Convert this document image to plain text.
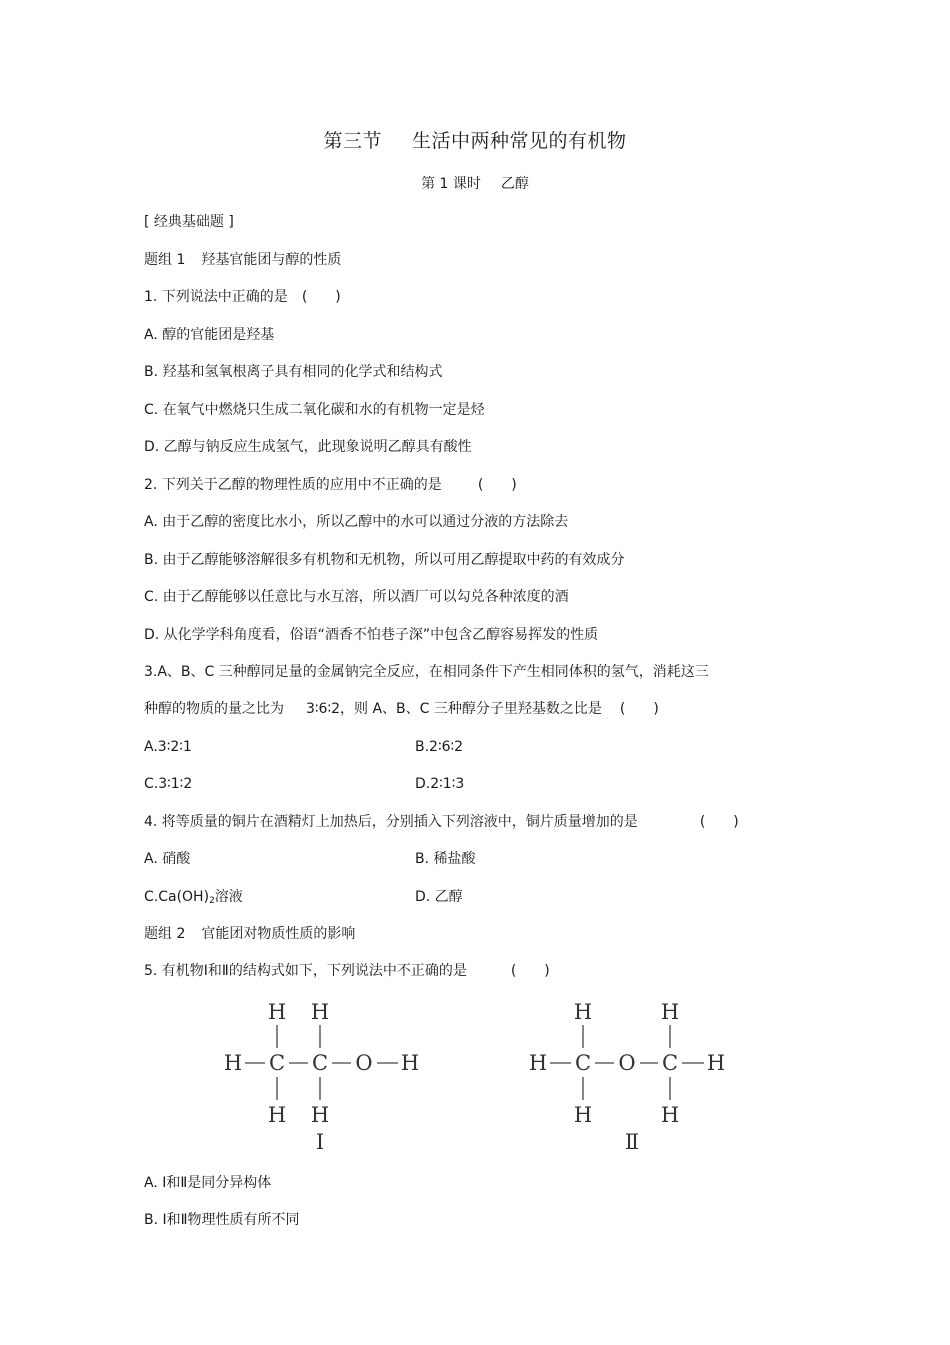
第三节 生活中两种常见的有机物
第 1 课时 乙醇
[ 经典基础题 ]
题组 1 羟基官能团与醇的性质
1. 下列说法中正确的是 (　　)
A. 醇的官能团是羟基
B. 羟基和氢氧根离子具有相同的化学式和结构式
C. 在氧气中燃烧只生成二氧化碳和水的有机物一定是烃
D. 乙醇与钠反应生成氢气，此现象说明乙醇具有酸性
2. 下列关于乙醇的物理性质的应用中不正确的是	(　　)
A. 由于乙醇的密度比水小，所以乙醇中的水可以通过分液的方法除去
B. 由于乙醇能够溶解很多有机物和无机物，所以可用乙醇提取中药的有效成分
C. 由于乙醇能够以任意比与水互溶，所以酒厂可以勾兑各种浓度的酒
D. 从化学学科角度看，俗语“酒香不怕巷子深”中包含乙醇容易挥发的性质
3.A、B、C 三种醇同足量的金属钠完全反应，在相同条件下产生相同体积的氢气，消耗这三
种醇的物质的量之比为 3∶6∶2，则 A、B、C 三种醇分子里羟基数之比是 (　　)
A.3∶2∶1	B.2∶6∶2
C.3∶1∶2	D.2∶1∶3
4. 将等质量的铜片在酒精灯上加热后，分别插入下列溶液中，铜片质量增加的是	(　　)
A. 硝酸	B. 稀盐酸
$C.Ca(OH)_2$溶液	D. 乙醇
题组 2 官能团对物质性质的影响
5. 有机物Ⅰ和Ⅱ的结构式如下，下列说法中不正确的是	(　　)
H H
H C C O H
H H
Ⅰ
H	H
H C O C H
H	H
Ⅱ
A. Ⅰ和Ⅱ是同分异构体
B. Ⅰ和Ⅱ物理性质有所不同
